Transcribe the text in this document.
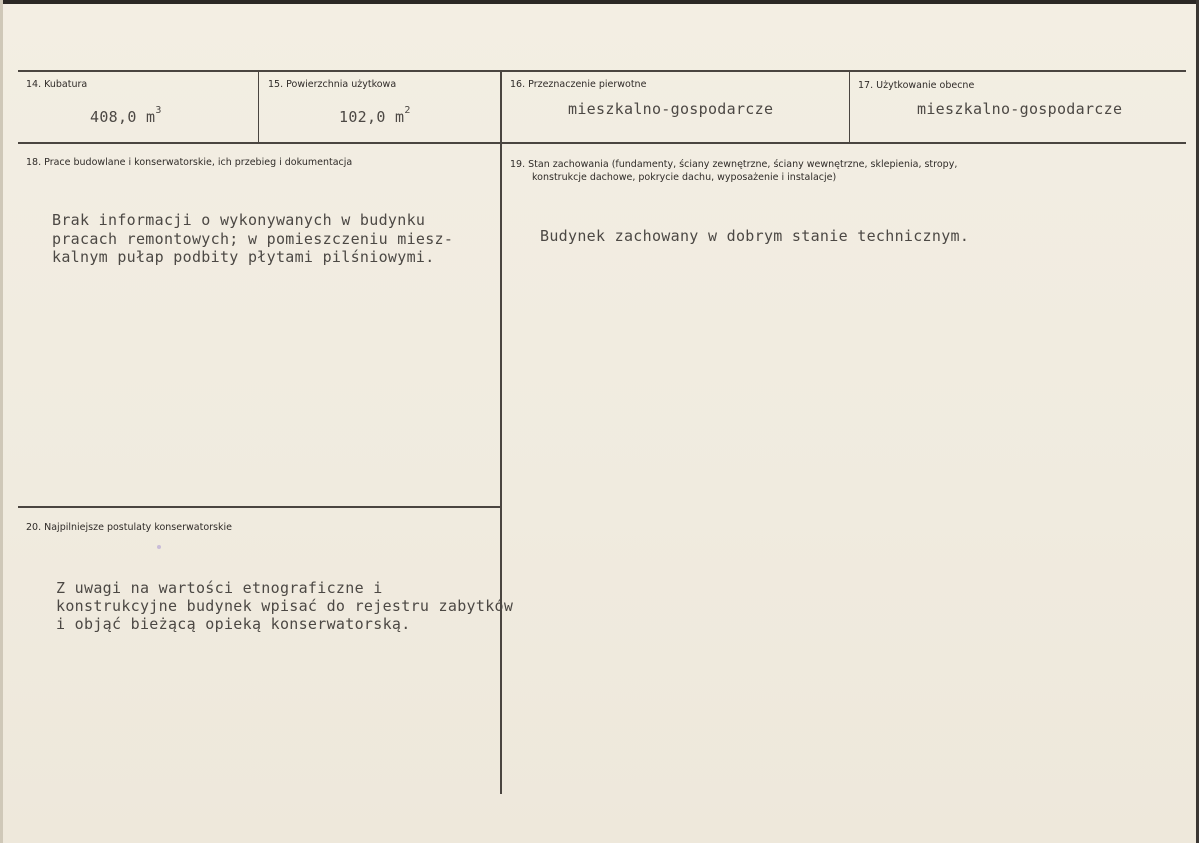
14. Kubatura
408,0 $m^3$
15. Powierzchnia użytkowa
102,0 $m^2$
16. Przeznaczenie pierwotne
mieszkalno-gospodarcze
17. Użytkowanie obecne
mieszkalno-gospodarcze
18. Prace budowlane i konserwatorskie, ich przebieg i dokumentacja
Brak informacji o wykonywanych w budynku
pracach remontowych; w pomieszczeniu miesz-
kalnym pułap podbity płytami pilśniowymi.
19. Stan zachowania (fundamenty, ściany zewnętrzne, ściany wewnętrzne, sklepienia, stropy,
konstrukcje dachowe, pokrycie dachu, wyposażenie i instalacje)
Budynek zachowany w dobrym stanie technicznym.
20. Najpilniejsze postulaty konserwatorskie
Z uwagi na wartości etnograficzne i
konstrukcyjne budynek wpisać do rejestru zabytków
i objąć bieżącą opieką konserwatorską.
